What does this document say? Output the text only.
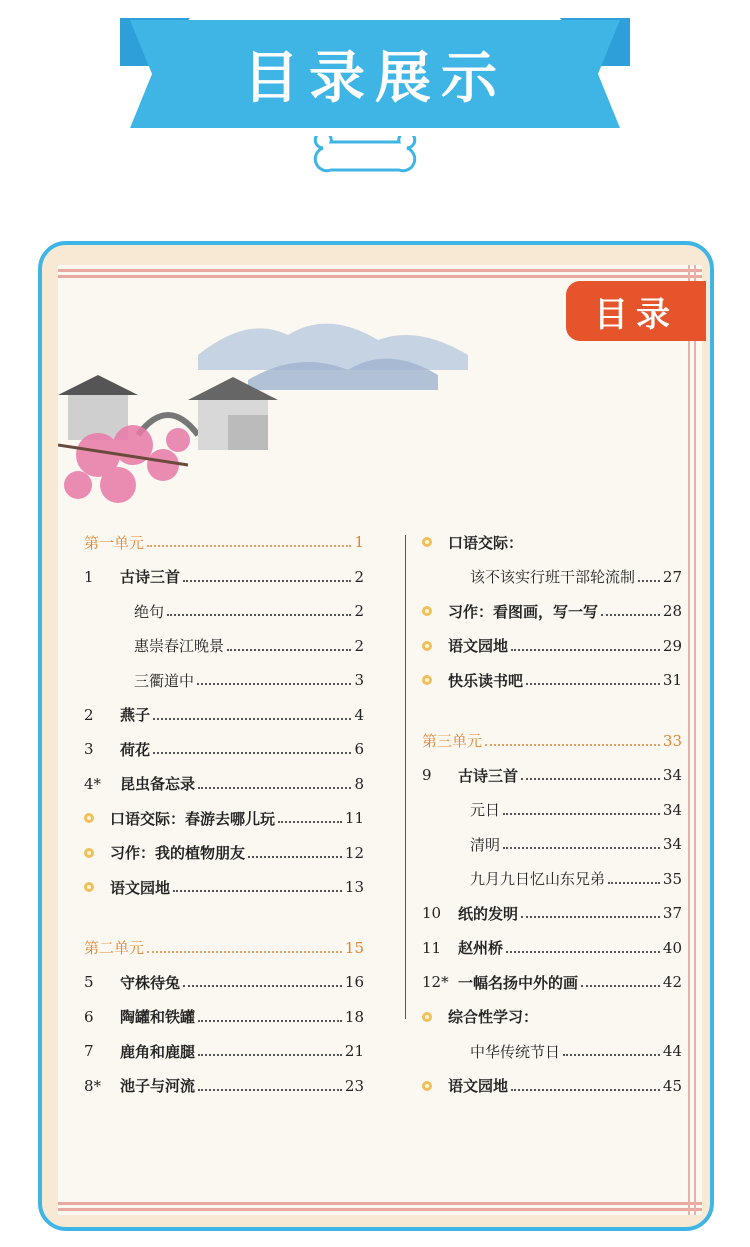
目录展示
目录
第一单元	1
1	古诗三首	2
绝句	2
惠崇春江晚景	2
三衢道中	3
2	燕子	4
3	荷花	6
4*	昆虫备忘录	8
口语交际：春游去哪儿玩	11
习作：我的植物朋友	12
语文园地	13
第二单元	15
5	守株待兔	16
6	陶罐和铁罐	18
7	鹿角和鹿腿	21
8*	池子与河流	23
口语交际：
该不该实行班干部轮流制 27
习作：看图画，写一写	28
语文园地	29
快乐读书吧	31
第三单元	33
9	古诗三首	34
元日	34
清明	34
九月九日忆山东兄弟	35
10	纸的发明	37
11	赵州桥	40
12* 一幅名扬中外的画	42
综合性学习：
中华传统节日	44
语文园地	45
